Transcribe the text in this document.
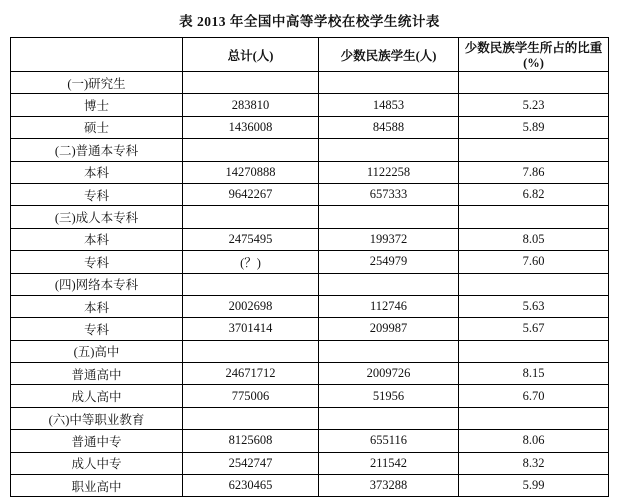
表 2013 年全国中高等学校在校学生统计表
	总计(人)	少数民族学生(人)	少数民族学生所占的比重(%)
(一)研究生			
博士	283810	14853	5.23
硕士	1436008	84588	5.89
(二)普通本专科			
本科	14270888	1122258	7.86
专科	9642267	657333	6.82
(三)成人本专科			
本科	2475495	199372	8.05
专科	(？)	254979	7.60
(四)网络本专科			
本科	2002698	112746	5.63
专科	3701414	209987	5.67
(五)高中			
普通高中	24671712	2009726	8.15
成人高中	775006	51956	6.70
(六)中等职业教育			
普通中专	8125608	655116	8.06
成人中专	2542747	211542	8.32
职业高中	6230465	373288	5.99
